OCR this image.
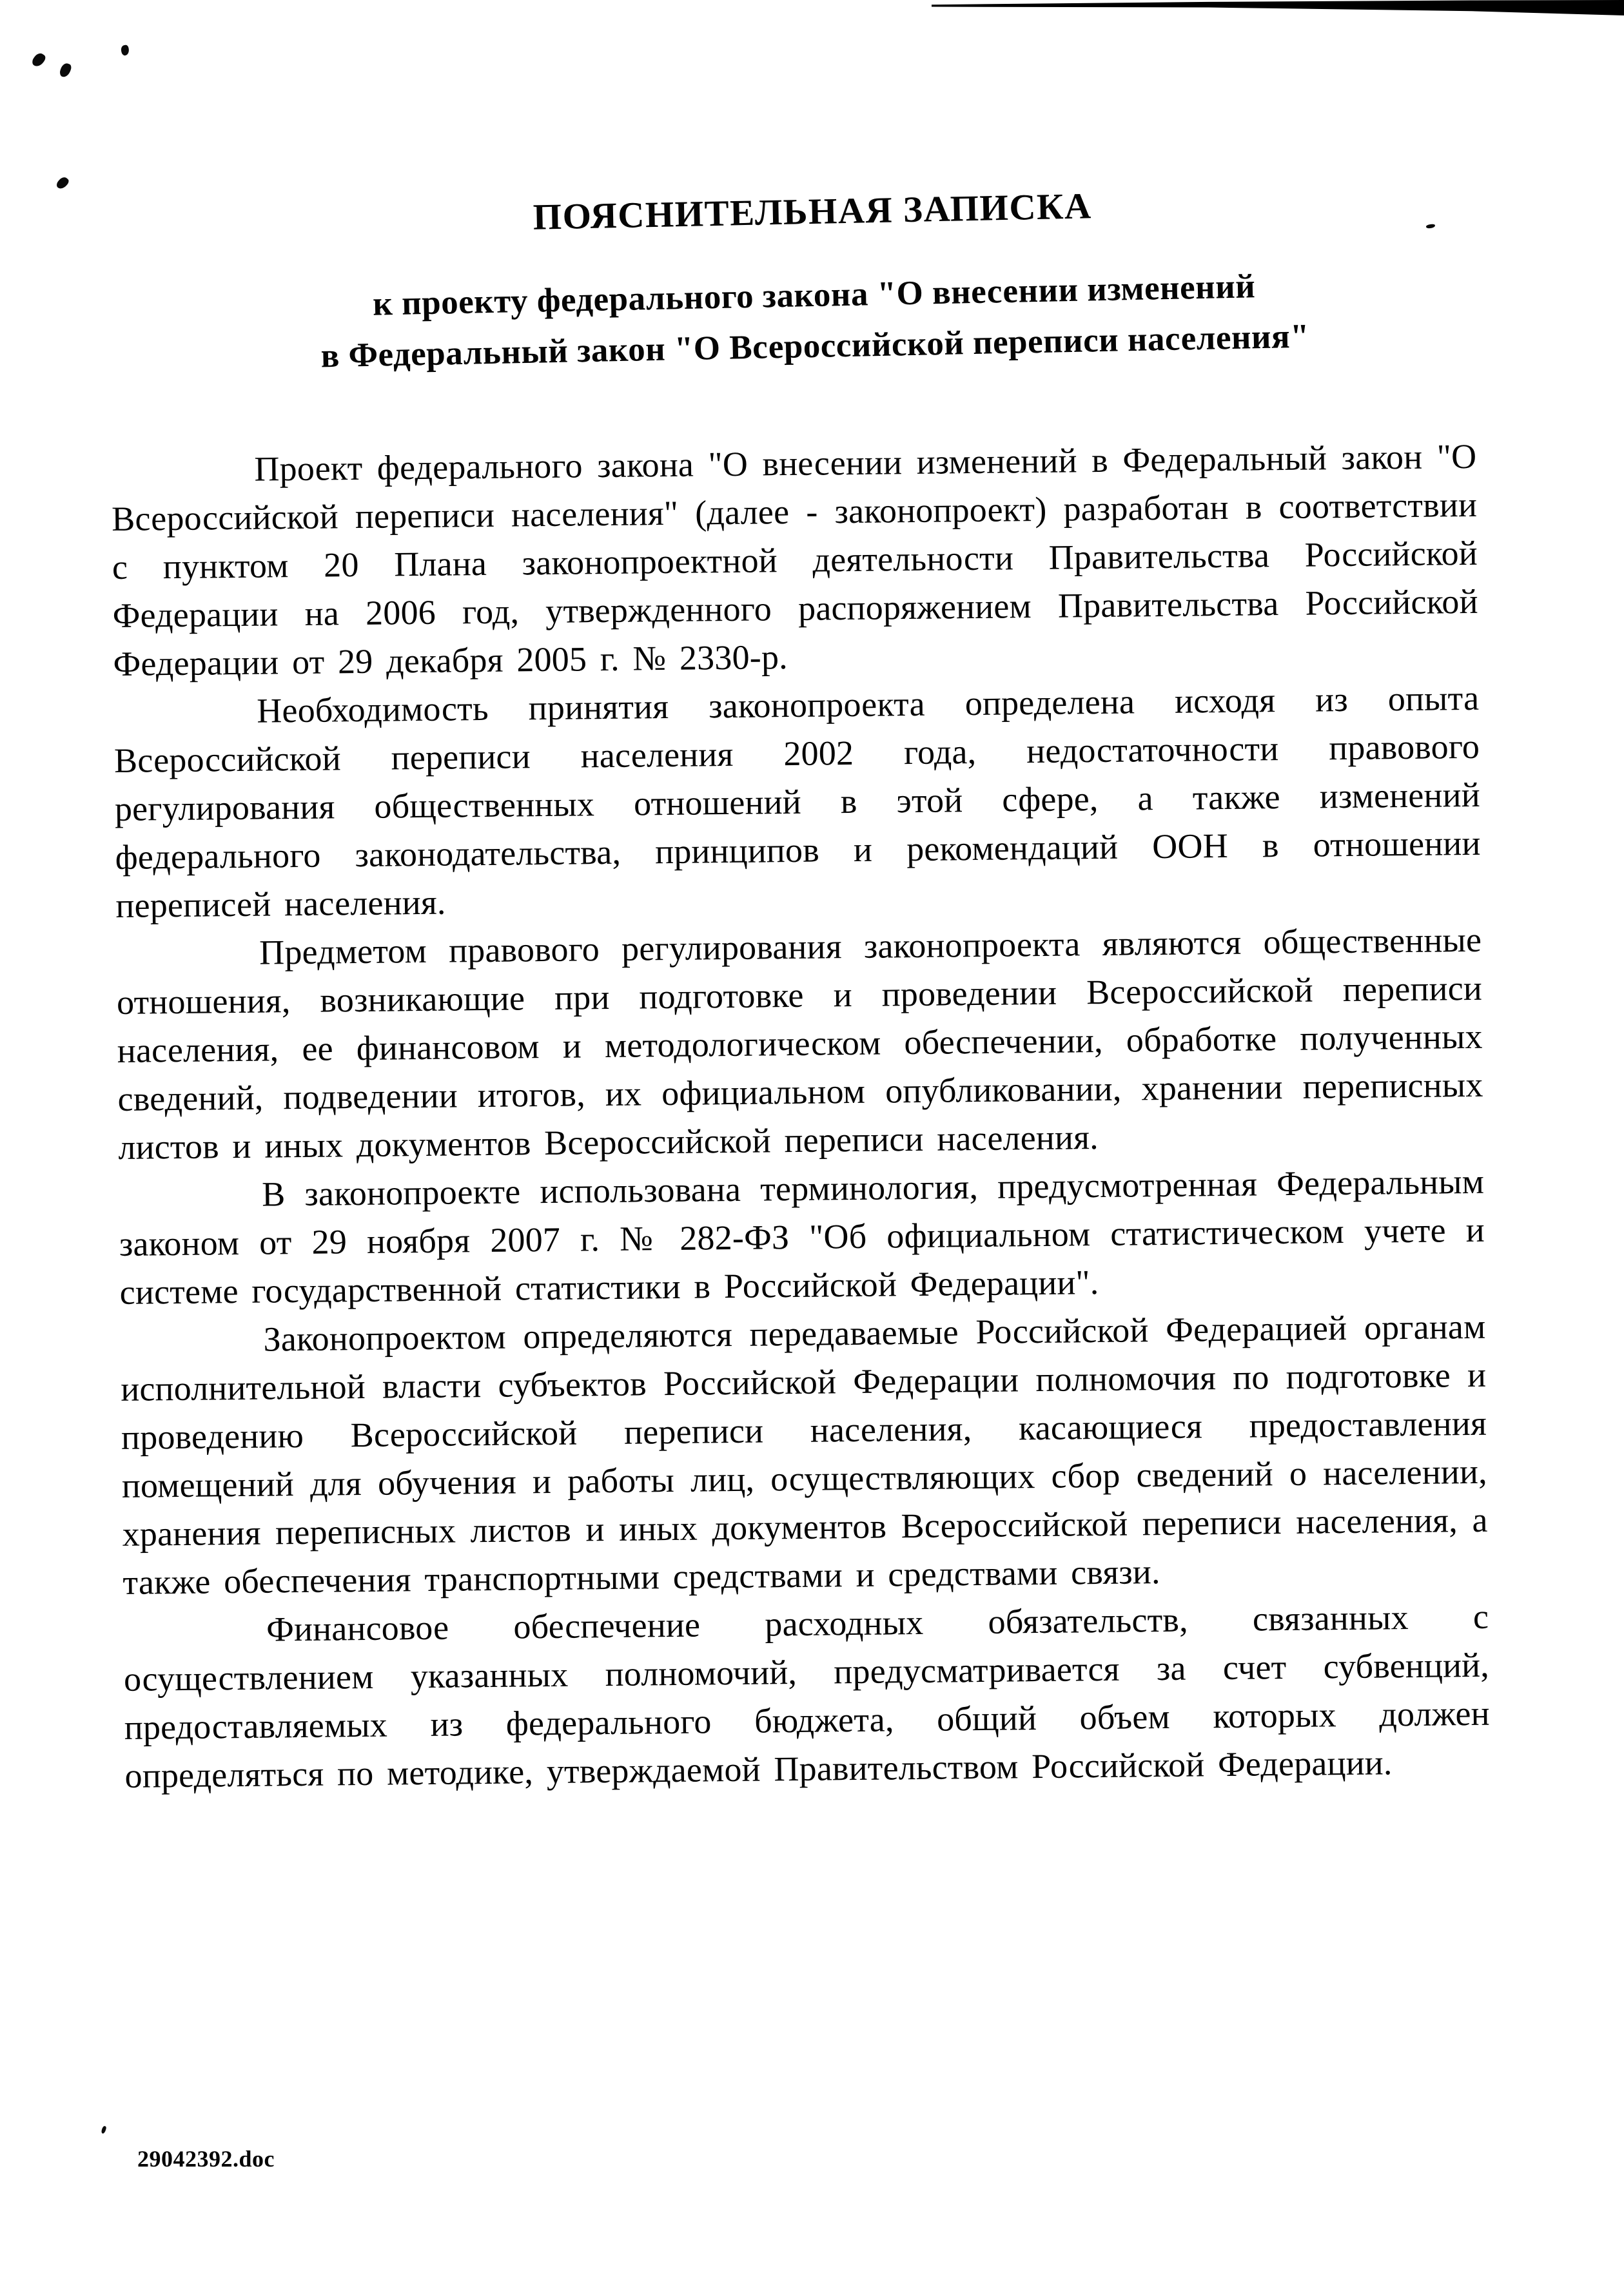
ПОЯСНИТЕЛЬНАЯ ЗАПИСКА
к проекту федерального закона "О внесении изменений
в Федеральный закон "О Всероссийской переписи населения"

Проект федерального закона "О внесении изменений в Федеральный закон "О Всероссийской переписи населения" (далее - законопроект) разработан в соответствии с пунктом 20 Плана законопроектной деятельности Правительства Российской Федерации на 2006 год, утвержденного распоряжением Правительства Российской Федерации от 29 декабря 2005 г. № 2330-р.

Необходимость принятия законопроекта определена исходя из опыта Всероссийской переписи населения 2002 года, недостаточности правового регулирования общественных отношений в этой сфере, а также изменений федерального законодательства, принципов и рекомендаций ООН в отношении переписей населения.

Предметом правового регулирования законопроекта являются общественные отношения, возникающие при подготовке и проведении Всероссийской переписи населения, ее финансовом и методологическом обеспечении, обработке полученных сведений, подведении итогов, их официальном опубликовании, хранении переписных листов и иных документов Всероссийской переписи населения.

В законопроекте использована терминология, предусмотренная Федеральным законом от 29 ноября 2007 г. № 282-ФЗ "Об официальном статистическом учете и системе государственной статистики в Российской Федерации".

Законопроектом определяются передаваемые Российской Федерацией органам исполнительной власти субъектов Российской Федерации полномочия по подготовке и проведению Всероссийской переписи населения, касающиеся предоставления помещений для обучения и работы лиц, осуществляющих сбор сведений о населении, хранения переписных листов и иных документов Всероссийской переписи населения, а также обеспечения транспортными средствами и средствами связи.

Финансовое обеспечение расходных обязательств, связанных с осуществлением указанных полномочий, предусматривается за счет субвенций, предоставляемых из федерального бюджета, общий объем которых должен определяться по методике, утверждаемой Правительством Российской Федерации.

29042392.doc
